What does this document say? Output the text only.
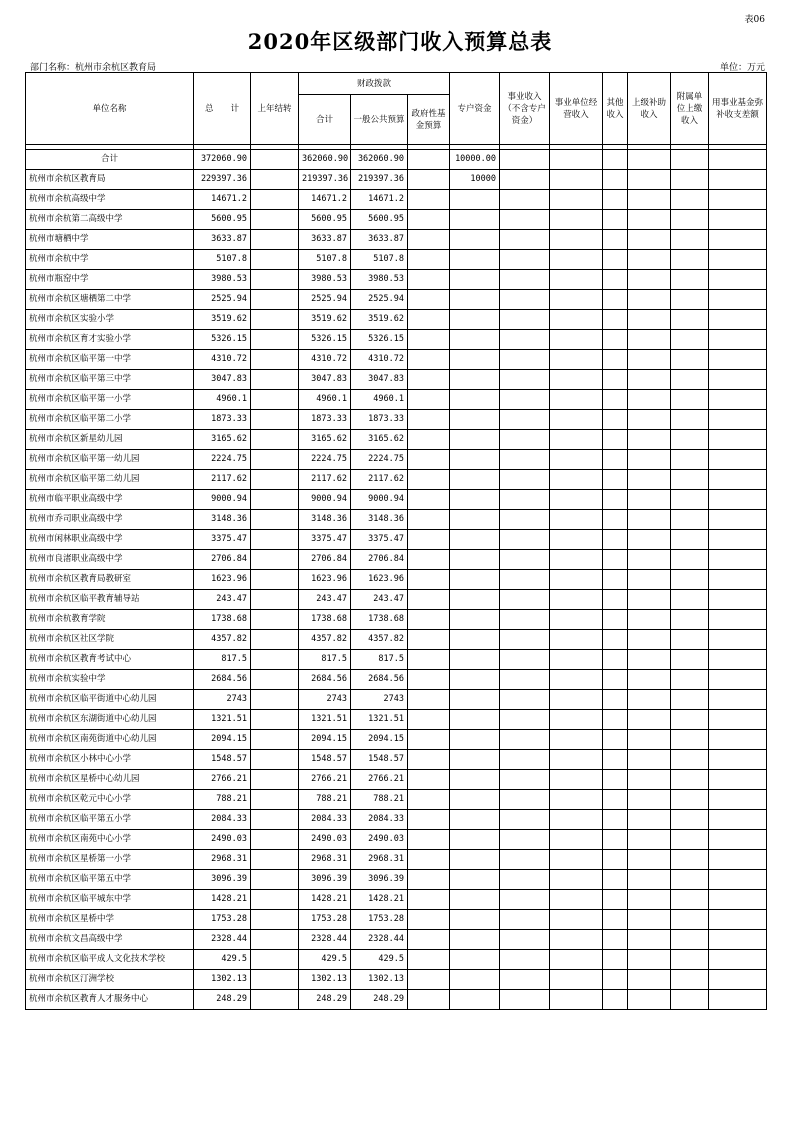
表06
2020年区级部门收入预算总表
部门名称：杭州市余杭区教育局	单位：万元
单位名称	总　　计	上年结转	财政拨款			专户资金	事业收入（不含专户资金）	事业单位经营收入	其他收入	上级补助收入	附属单位上缴收入	用事业基金弥补收支差额
			合计	一般公共预算	政府性基金预算							

合计	372060.90		362060.90	362060.90		10000.00						
杭州市余杭区教育局	229397.36		219397.36	219397.36		10000						
杭州市余杭高级中学	14671.2		14671.2	14671.2								
杭州市余杭第二高级中学	5600.95		5600.95	5600.95								
杭州市塘栖中学	3633.87		3633.87	3633.87								
杭州市余杭中学	5107.8		5107.8	5107.8								
杭州市瓶窑中学	3980.53		3980.53	3980.53								
杭州市余杭区塘栖第二中学	2525.94		2525.94	2525.94								
杭州市余杭区实验小学	3519.62		3519.62	3519.62								
杭州市余杭区育才实验小学	5326.15		5326.15	5326.15								
杭州市余杭区临平第一中学	4310.72		4310.72	4310.72								
杭州市余杭区临平第三中学	3047.83		3047.83	3047.83								
杭州市余杭区临平第一小学	4960.1		4960.1	4960.1								
杭州市余杭区临平第二小学	1873.33		1873.33	1873.33								
杭州市余杭区新星幼儿园	3165.62		3165.62	3165.62								
杭州市余杭区临平第一幼儿园	2224.75		2224.75	2224.75								
杭州市余杭区临平第二幼儿园	2117.62		2117.62	2117.62								
杭州市临平职业高级中学	9000.94		9000.94	9000.94								
杭州市乔司职业高级中学	3148.36		3148.36	3148.36								
杭州市闲林职业高级中学	3375.47		3375.47	3375.47								
杭州市良渚职业高级中学	2706.84		2706.84	2706.84								
杭州市余杭区教育局教研室	1623.96		1623.96	1623.96								
杭州市余杭区临平教育辅导站	243.47		243.47	243.47								
杭州市余杭教育学院	1738.68		1738.68	1738.68								
杭州市余杭区社区学院	4357.82		4357.82	4357.82								
杭州市余杭区教育考试中心	817.5		817.5	817.5								
杭州市余杭实验中学	2684.56		2684.56	2684.56								
杭州市余杭区临平街道中心幼儿园	2743		2743	2743								
杭州市余杭区东湖街道中心幼儿园	1321.51		1321.51	1321.51								
杭州市余杭区南苑街道中心幼儿园	2094.15		2094.15	2094.15								
杭州市余杭区小林中心小学	1548.57		1548.57	1548.57								
杭州市余杭区星桥中心幼儿园	2766.21		2766.21	2766.21								
杭州市余杭区乾元中心小学	788.21		788.21	788.21								
杭州市余杭区临平第五小学	2084.33		2084.33	2084.33								
杭州市余杭区南苑中心小学	2490.03		2490.03	2490.03								
杭州市余杭区星桥第一小学	2968.31		2968.31	2968.31								
杭州市余杭区临平第五中学	3096.39		3096.39	3096.39								
杭州市余杭区临平城东中学	1428.21		1428.21	1428.21								
杭州市余杭区星桥中学	1753.28		1753.28	1753.28								
杭州市余杭文昌高级中学	2328.44		2328.44	2328.44								
杭州市余杭区临平成人文化技术学校	429.5		429.5	429.5								
杭州市余杭区汀洲学校	1302.13		1302.13	1302.13								
杭州市余杭区教育人才服务中心	248.29		248.29	248.29								
